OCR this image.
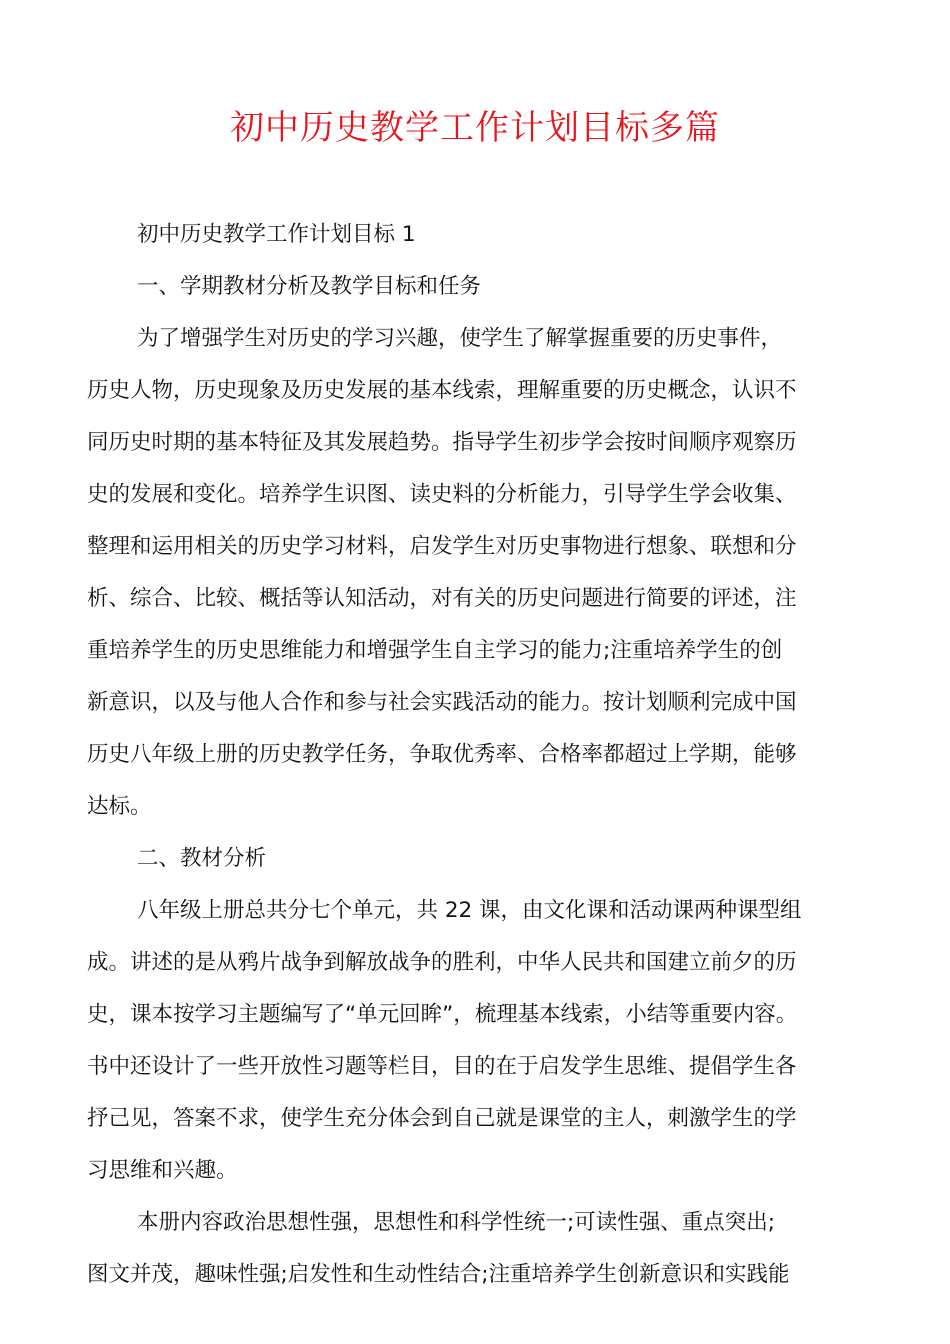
初中历史教学工作计划目标多篇
初中历史教学工作计划目标 1
一、学期教材分析及教学目标和任务
为了增强学生对历史的学习兴趣，使学生了解掌握重要的历史事件，
历史人物，历史现象及历史发展的基本线索，理解重要的历史概念，认识不
同历史时期的基本特征及其发展趋势。指导学生初步学会按时间顺序观察历
史的发展和变化。培养学生识图、读史料的分析能力，引导学生学会收集、
整理和运用相关的历史学习材料，启发学生对历史事物进行想象、联想和分
析、综合、比较、概括等认知活动，对有关的历史问题进行简要的评述，注
重培养学生的历史思维能力和增强学生自主学习的能力;注重培养学生的创
新意识，以及与他人合作和参与社会实践活动的能力。按计划顺利完成中国
历史八年级上册的历史教学任务，争取优秀率、合格率都超过上学期，能够
达标。
二、教材分析
八年级上册总共分七个单元，共 22 课，由文化课和活动课两种课型组
成。讲述的是从鸦片战争到解放战争的胜利，中华人民共和国建立前夕的历
史，课本按学习主题编写了“单元回眸”，梳理基本线索，小结等重要内容。
书中还设计了一些开放性习题等栏目，目的在于启发学生思维、提倡学生各
抒己见，答案不求，使学生充分体会到自己就是课堂的主人，刺激学生的学
习思维和兴趣。
本册内容政治思想性强，思想性和科学性统一;可读性强、重点突出;
图文并茂，趣味性强;启发性和生动性结合;注重培养学生创新意识和实践能
